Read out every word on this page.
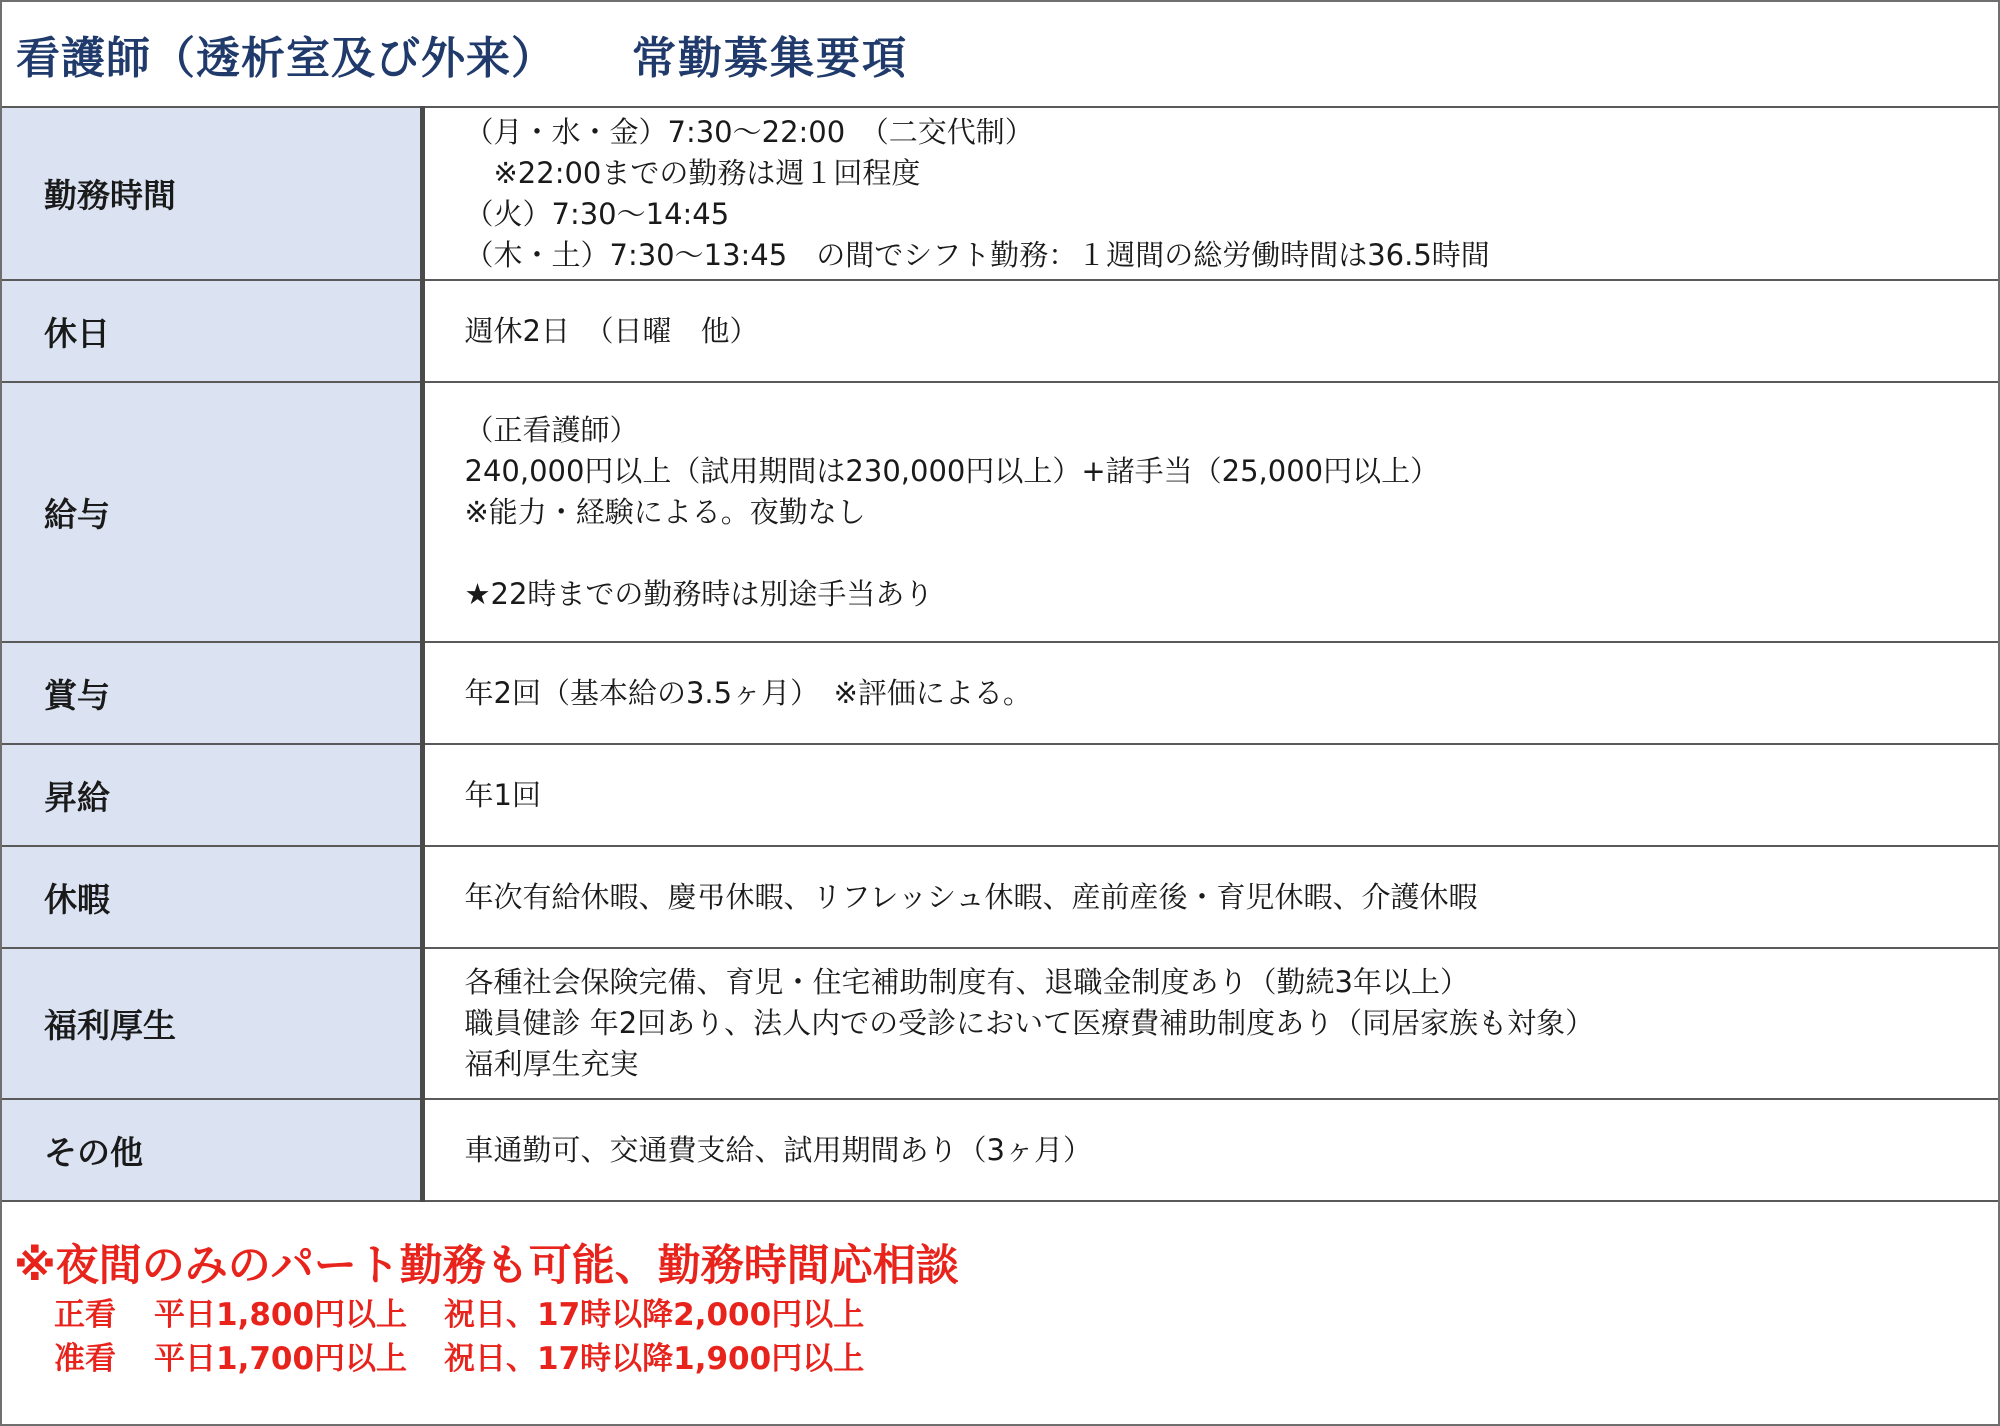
看護師（透析室及び外来） 常勤募集要項
勤務時間	（月・水・金）7:30～22:00　（二交代制）
　※22:00までの勤務は週１回程度
（火）7:30～14:45
（木・土）7:30～13:45　の間でシフト勤務：１週間の総労働時間は36.5時間

休日	週休2日　（日曜　他）

給与	（正看護師）
240,000円以上（試用期間は230,000円以上）+諸手当（25,000円以上）
※能力・経験による。夜勤なし
★22時までの勤務時は別途手当あり

賞与	年2回（基本給の3.5ヶ月）　※評価による。

昇給	年1回

休暇	年次有給休暇、慶弔休暇、リフレッシュ休暇、産前産後・育児休暇、介護休暇

福利厚生	各種社会保険完備、育児・住宅補助制度有、退職金制度あり（勤続3年以上）
職員健診 年2回あり、法人内での受診において医療費補助制度あり（同居家族も対象）
福利厚生充実

その他	車通勤可、交通費支給、試用期間あり（3ヶ月）
※夜間のみのパート勤務も可能、勤務時間応相談
正看 平日1,800円以上 祝日、17時以降2,000円以上
准看 平日1,700円以上 祝日、17時以降1,900円以上
